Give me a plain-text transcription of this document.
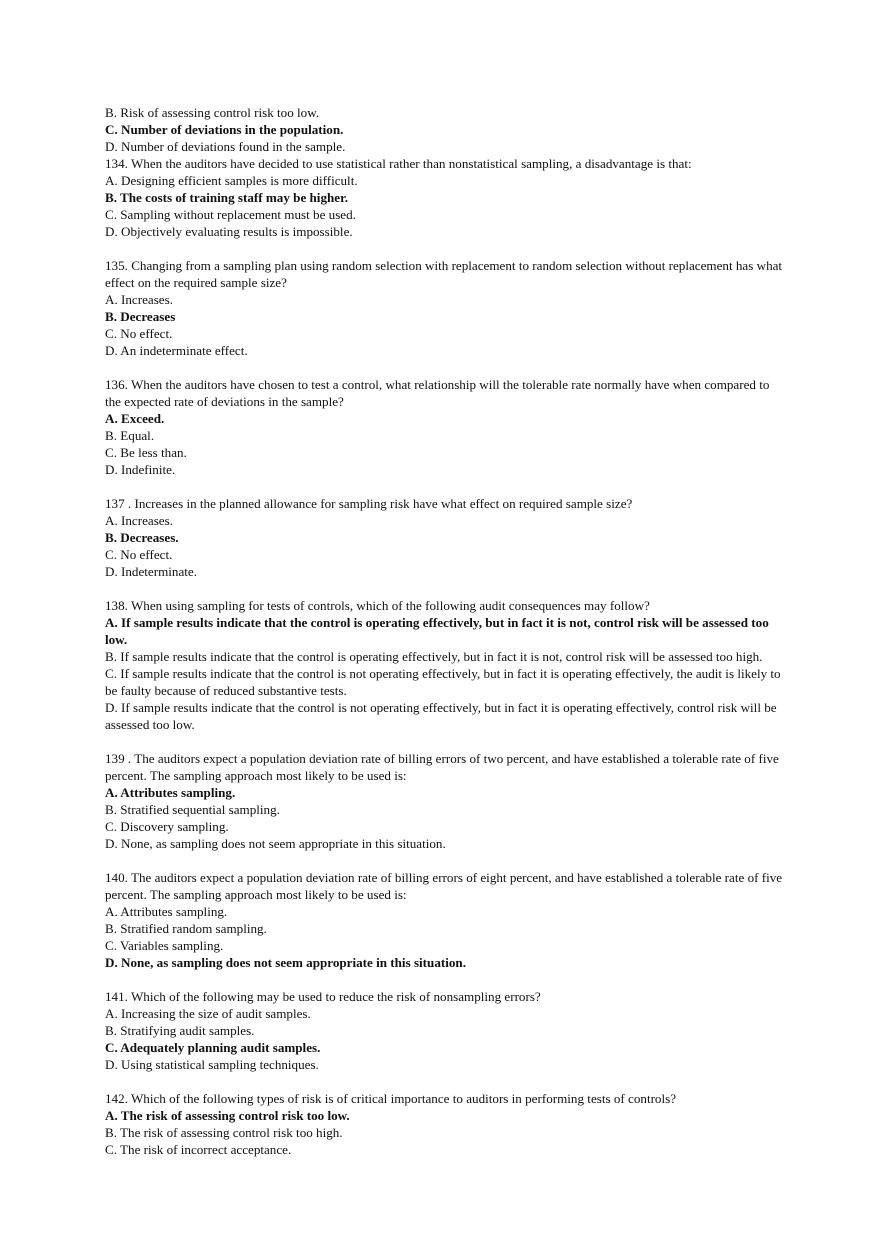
B. Risk of assessing control risk too low.
C. Number of deviations in the population.
D. Number of deviations found in the sample.
134. When the auditors have decided to use statistical rather than nonstatistical sampling, a disadvantage is that:
A. Designing efficient samples is more difficult.
B. The costs of training staff may be higher.
C. Sampling without replacement must be used.
D. Objectively evaluating results is impossible.
135. Changing from a sampling plan using random selection with replacement to random selection without replacement has what effect on the required sample size?
A. Increases.
B. Decreases
C. No effect.
D. An indeterminate effect.
136. When the auditors have chosen to test a control, what relationship will the tolerable rate normally have when compared to the expected rate of deviations in the sample?
A. Exceed.
B. Equal.
C. Be less than.
D. Indefinite.
137 . Increases in the planned allowance for sampling risk have what effect on required sample size?
A. Increases.
B. Decreases.
C. No effect.
D. Indeterminate.
138. When using sampling for tests of controls, which of the following audit consequences may follow?
A. If sample results indicate that the control is operating effectively, but in fact it is not, control risk will be assessed too low.
B. If sample results indicate that the control is operating effectively, but in fact it is not, control risk will be assessed too high.
C. If sample results indicate that the control is not operating effectively, but in fact it is operating effectively, the audit is likely to be faulty because of reduced substantive tests.
D. If sample results indicate that the control is not operating effectively, but in fact it is operating effectively, control risk will be assessed too low.
139 . The auditors expect a population deviation rate of billing errors of two percent, and have established a tolerable rate of five percent. The sampling approach most likely to be used is:
A. Attributes sampling.
B. Stratified sequential sampling.
C. Discovery sampling.
D. None, as sampling does not seem appropriate in this situation.
140. The auditors expect a population deviation rate of billing errors of eight percent, and have established a tolerable rate of five percent. The sampling approach most likely to be used is:
A. Attributes sampling.
B. Stratified random sampling.
C. Variables sampling.
D. None, as sampling does not seem appropriate in this situation.
141. Which of the following may be used to reduce the risk of nonsampling errors?
A. Increasing the size of audit samples.
B. Stratifying audit samples.
C. Adequately planning audit samples.
D. Using statistical sampling techniques.
142. Which of the following types of risk is of critical importance to auditors in performing tests of controls?
A. The risk of assessing control risk too low.
B. The risk of assessing control risk too high.
C. The risk of incorrect acceptance.
